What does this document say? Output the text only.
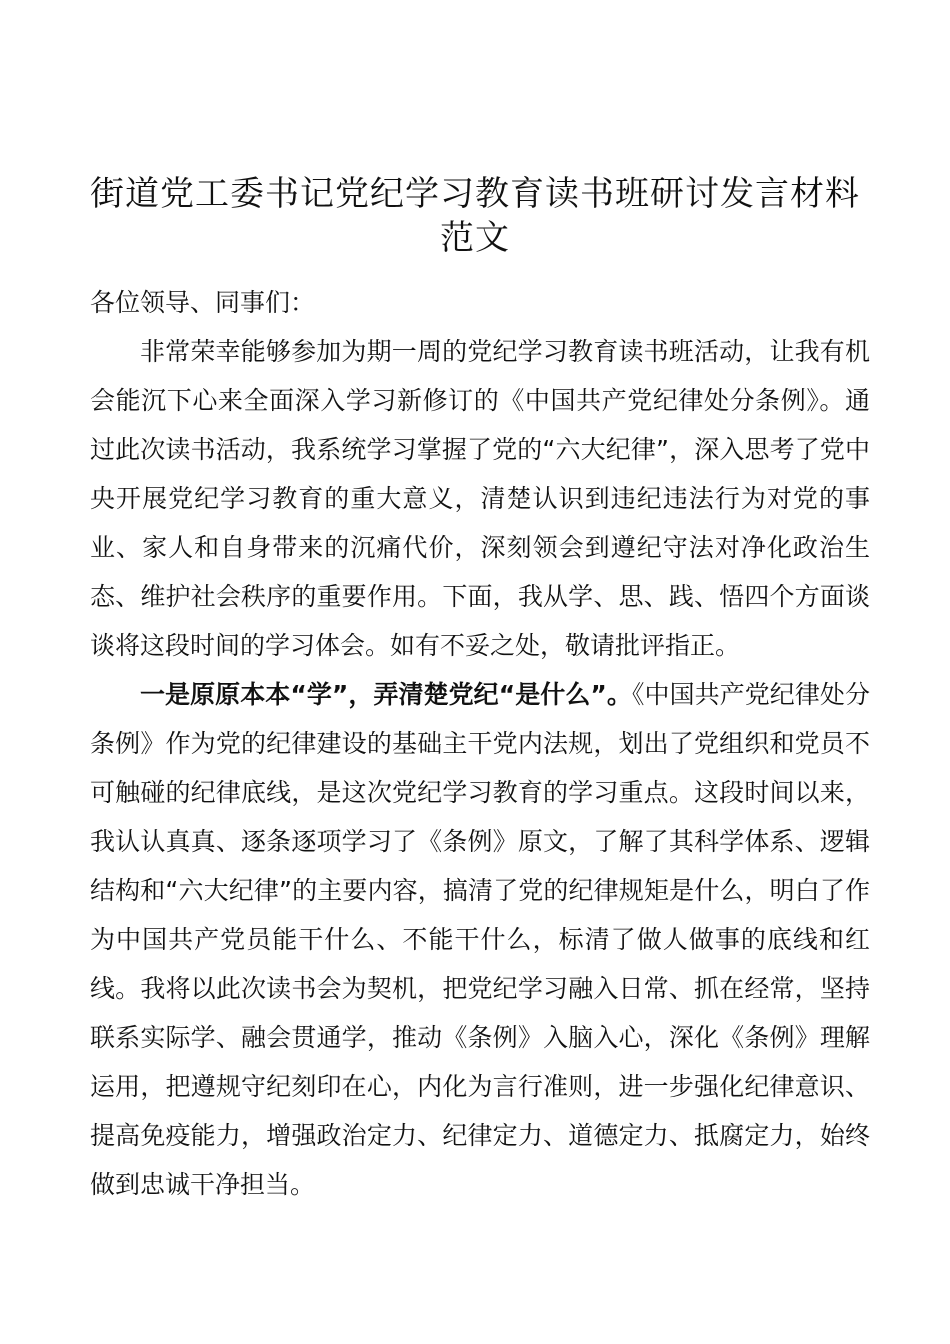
街道党工委书记党纪学习教育读书班研讨发言材料范文

各位领导、同事们：

非常荣幸能够参加为期一周的党纪学习教育读书班活动，让我有机会能沉下心来全面深入学习新修订的《中国共产党纪律处分条例》。通过此次读书活动，我系统学习掌握了党的“六大纪律”，深入思考了党中央开展党纪学习教育的重大意义，清楚认识到违纪违法行为对党的事业、家人和自身带来的沉痛代价，深刻领会到遵纪守法对净化政治生态、维护社会秩序的重要作用。下面，我从学、思、践、悟四个方面谈谈将这段时间的学习体会。如有不妥之处，敬请批评指正。

一是原原本本“学”，弄清楚党纪“是什么”。《中国共产党纪律处分条例》作为党的纪律建设的基础主干党内法规，划出了党组织和党员不可触碰的纪律底线，是这次党纪学习教育的学习重点。这段时间以来，我认认真真、逐条逐项学习了《条例》原文，了解了其科学体系、逻辑结构和“六大纪律”的主要内容，搞清了党的纪律规矩是什么，明白了作为中国共产党员能干什么、不能干什么，标清了做人做事的底线和红线。我将以此次读书会为契机，把党纪学习融入日常、抓在经常，坚持联系实际学、融会贯通学，推动《条例》入脑入心，深化《条例》理解运用，把遵规守纪刻印在心，内化为言行准则，进一步强化纪律意识、提高免疫能力，增强政治定力、纪律定力、道德定力、抵腐定力，始终做到忠诚干净担当。
